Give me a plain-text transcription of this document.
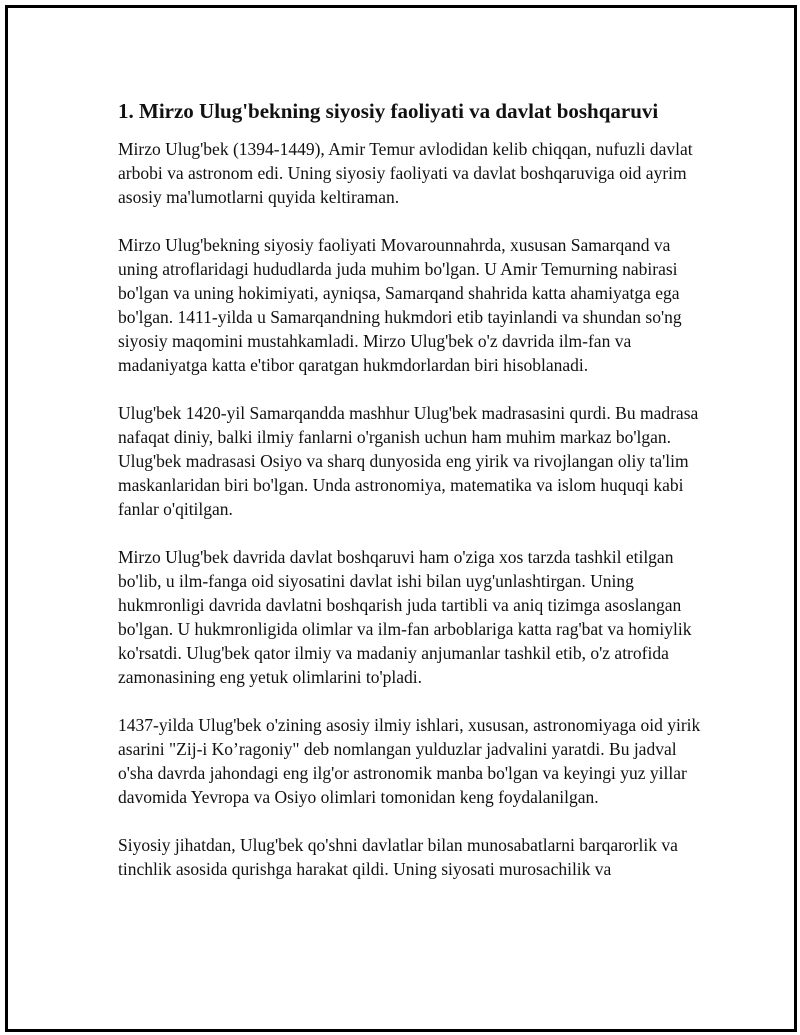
1. Mirzo Ulug'bekning siyosiy faoliyati va davlat boshqaruvi

Mirzo Ulug'bek (1394-1449), Amir Temur avlodidan kelib chiqqan, nufuzli davlat arbobi va astronom edi. Uning siyosiy faoliyati va davlat boshqaruviga oid ayrim asosiy ma'lumotlarni quyida keltiraman.

Mirzo Ulug'bekning siyosiy faoliyati Movarounnahrda, xususan Samarqand va uning atroflaridagi hududlarda juda muhim bo'lgan. U Amir Temurning nabirasi bo'lgan va uning hokimiyati, ayniqsa, Samarqand shahrida katta ahamiyatga ega bo'lgan. 1411-yilda u Samarqandning hukmdori etib tayinlandi va shundan so'ng siyosiy maqomini mustahkamladi. Mirzo Ulug'bek o'z davrida ilm-fan va madaniyatga katta e'tibor qaratgan hukmdorlardan biri hisoblanadi.

Ulug'bek 1420-yil Samarqandda mashhur Ulug'bek madrasasini qurdi. Bu madrasa nafaqat diniy, balki ilmiy fanlarni o'rganish uchun ham muhim markaz bo'lgan. Ulug'bek madrasasi Osiyo va sharq dunyosida eng yirik va rivojlangan oliy ta'lim maskanlaridan biri bo'lgan. Unda astronomiya, matematika va islom huquqi kabi fanlar o'qitilgan.

Mirzo Ulug'bek davrida davlat boshqaruvi ham o'ziga xos tarzda tashkil etilgan bo'lib, u ilm-fanga oid siyosatini davlat ishi bilan uyg'unlashtirgan. Uning hukmronligi davrida davlatni boshqarish juda tartibli va aniq tizimga asoslangan bo'lgan. U hukmronligida olimlar va ilm-fan arboblariga katta rag'bat va homiylik ko'rsatdi. Ulug'bek qator ilmiy va madaniy anjumanlar tashkil etib, o'z atrofida zamonasining eng yetuk olimlarini to'pladi.

1437-yilda Ulug'bek o'zining asosiy ilmiy ishlari, xususan, astronomiyaga oid yirik asarini "Zij-i Ko’ragoniy" deb nomlangan yulduzlar jadvalini yaratdi. Bu jadval o'sha davrda jahondagi eng ilg'or astronomik manba bo'lgan va keyingi yuz yillar davomida Yevropa va Osiyo olimlari tomonidan keng foydalanilgan.

Siyosiy jihatdan, Ulug'bek qo'shni davlatlar bilan munosabatlarni barqarorlik va tinchlik asosida qurishga harakat qildi. Uning siyosati murosachilik va
